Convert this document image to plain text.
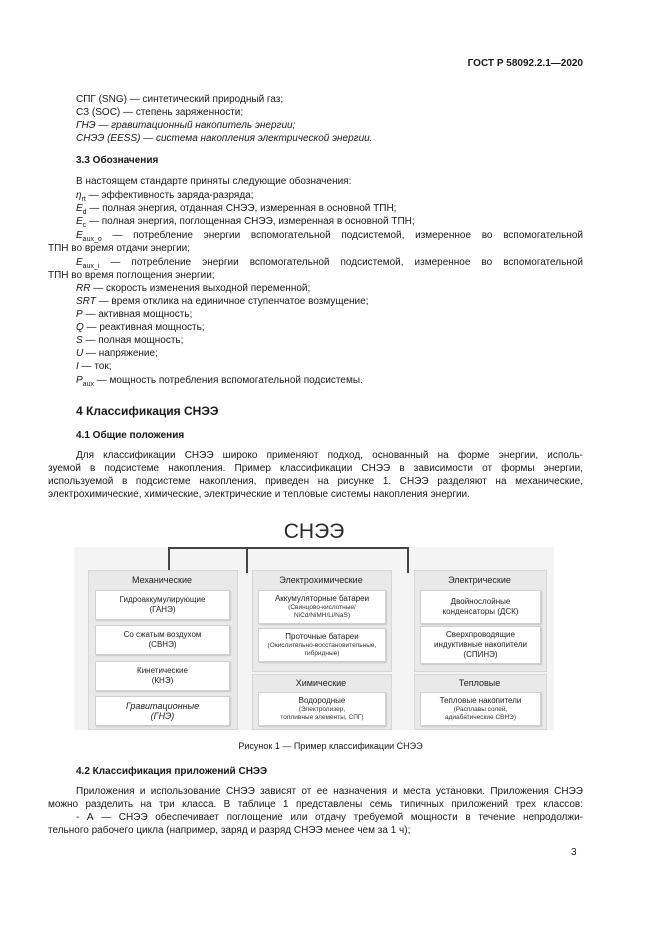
ГОСТ Р 58092.2.1—2020

СПГ (SNG) — синтетический природный газ;

СЗ (SOC) — степень заряженности;

ГНЭ — гравитационный накопитель энергии;

СНЭЭ (EESS) — система накопления электрической энергии.

3.3 Обозначения

В настоящем стандарте приняты следующие обозначения:

$\eta_{rt}$ — эффективность заряда-разряда;

$E_d$ — полная энергия, отданная СНЭЭ, измеренная в основной ТПН;

$E_c$ — полная энергия, поглощенная СНЭЭ, измеренная в основной ТПН;

$E_{aux\_o}$ — потребление энергии вспомогательной подсистемой, измеренное во вспомогательной

ТПН во время отдачи энергии;

$E_{aux\_i}$ — потребление энергии вспомогательной подсистемой, измеренное во вспомогательной

ТПН во время поглощения энергии;

RR — скорость изменения выходной переменной;

SRT — время отклика на единичное ступенчатое возмущение;

P — активная мощность;

Q — реактивная мощность;

S — полная мощность;

U — напряжение;

I — ток;

$P_{aux}$ — мощность потребления вспомогательной подсистемы.

4 Классификация СНЭЭ
4.1 Общие положения

Для классификации СНЭЭ широко применяют подход, основанный на форме энергии, исполь-

зуемой в подсистеме накопления. Пример классификации СНЭЭ в зависимости от формы энергии,

используемой в подсистеме накопления, приведен на рисунке 1. СНЭЭ разделяют на механические,

электрохимические, химические, электрические и тепловые системы накопления энергии.

СНЭЭ
Механические
Гидроаккумулирующие
(ГАНЭ)
Со сжатым воздухом
(СВНЭ)
Кинетические
(КНЭ)
Гравитационные
(ГНЭ)
Электрохимические
Аккумуляторные батареи
(Свинцово-кислотные/
NiCd/NiMH/Li/NaS)
Проточные батареи
(Окислительно-восстановительные,
гибридные)
Химические
Водородные
(Электролизер,
топливные элементы, СПГ)
Электрические
Двойнослойные
конденсаторы (ДСК)
Сверхпроводящие
индуктивные накопители
(СПИНЭ)
Тепловые
Тепловые накопители
(Расплавы солей,
адиабатические СВНЭ)
Рисунок 1 — Пример классификации СНЭЭ
4.2 Классификация приложений СНЭЭ

Приложения и использование СНЭЭ зависят от ее назначения и места установки. Приложения СНЭЭ

можно разделить на три класса. В таблице 1 представлены семь типичных приложений трех классов:

- А — СНЭЭ обеспечивает поглощение или отдачу требуемой мощности в течение непродолжи-

тельного рабочего цикла (например, заряд и разряд СНЭЭ менее чем за 1 ч);

3
